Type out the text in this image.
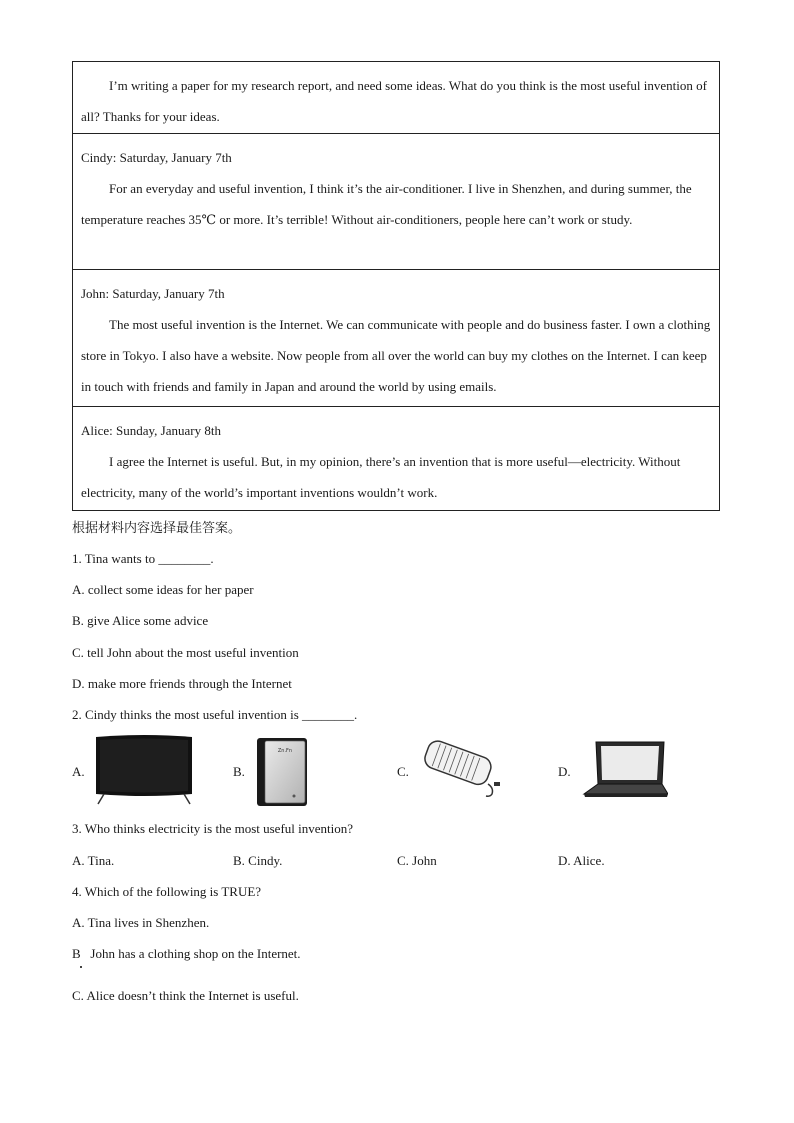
I’m writing a paper for my research report, and need some ideas. What do you think is the most useful invention of all? Thanks for your ideas.

Cindy: Saturday, January 7th

For an everyday and useful invention, I think it’s the air-conditioner. I live in Shenzhen, and during summer, the temperature reaches 35℃ or more. It’s terrible! Without air-conditioners, people here can’t work or study.

John: Saturday, January 7th

The most useful invention is the Internet. We can communicate with people and do business faster. I own a clothing store in Tokyo. I also have a website. Now people from all over the world can buy my clothes on the Internet. I can keep in touch with friends and family in Japan and around the world by using emails.

Alice: Sunday, January 8th

I agree the Internet is useful. But, in my opinion, there’s an invention that is more useful—electricity. Without electricity, many of the world’s important inventions wouldn’t work.

根据材料内容选择最佳答案。
1. Tina wants to ________.
A. collect some ideas for her paper
B. give Alice some advice
C. tell John about the most useful invention
D. make more friends through the Internet
2. Cindy thinks the most useful invention is ________.
A.	B.	C.	D.
Zn.Fn
3. Who thinks electricity is the most useful invention?
A. Tina.	B. Cindy.	C. John	D. Alice.
4. Which of the following is TRUE?
A. Tina lives in Shenzhen.
B   John has a clothing shop on the Internet.
C. Alice doesn’t think the Internet is useful.
